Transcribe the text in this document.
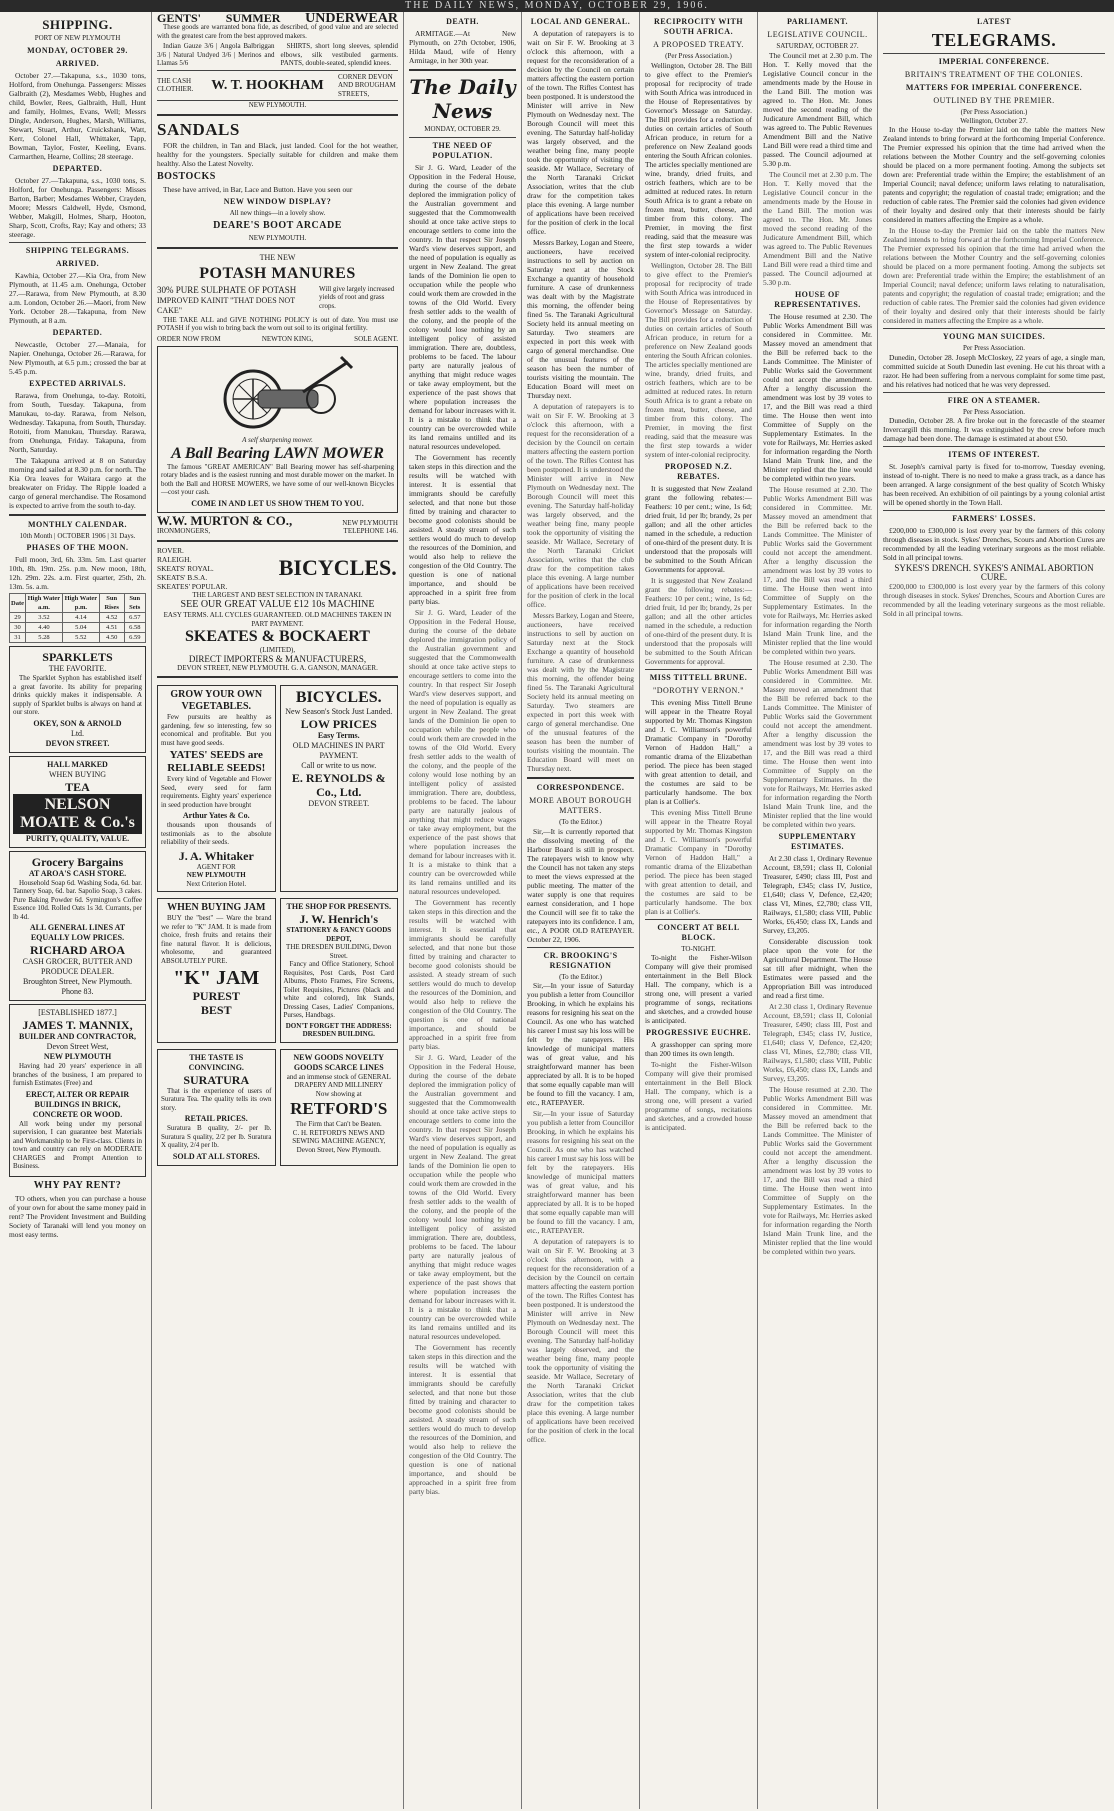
THE DAILY NEWS, MONDAY, OCTOBER 29, 1906.
SHIPPING.
PORT OF NEW PLYMOUTH
MONDAY, OCTOBER 29.
ARRIVED.

October 27.—Takapuna, s.s., 1030 tons, Holford, from Onehunga. Passengers: Misses Galbraith (2), Mesdames Webb, Hughes and child, Bowler, Rees, Galbraith, Hull, Hunt and family, Holmes, Evans, Well; Messrs Dingle, Anderson, Hughes, Marsh, Williams, Stewart, Stuart, Arthur, Cruickshank, Watt, Kerr, Colonel Hall, Whittaker, Tapp, Bowman, Taylor, Foster, Keeling, Evans. Carmarthen, Hearne, Collins; 28 steerage.

DEPARTED.

October 27.—Takapuna, s.s., 1030 tons, S. Holford, for Onehunga. Passengers: Misses Barton, Barber; Mesdames Webber, Crayden, Moore; Messrs Caldwell, Hyde, Osmond, Webber, Makgill, Holmes, Sharp, Hooton, Sharp, Scott, Crofts, Ray; Kay and others; 33 steerage.

SHIPPING TELEGRAMS.
ARRIVED.

Kawhia, October 27.—Kia Ora, from New Plymouth, at 11.45 a.m. Onehunga, October 27.—Rarawa, from New Plymouth, at 8.30 a.m. London, October 26.—Maori, from New York. October 28.—Takapuna, from New Plymouth, at 8 a.m.

DEPARTED.

Newcastle, October 27.—Manaia, for Napier. Onehunga, October 26.—Rarawa, for New Plymouth, at 6.5 p.m.; crossed the bar at 5.45 p.m.

EXPECTED ARRIVALS.

Rarawa, from Onehunga, to-day. Rotoiti, from South, Tuesday. Takapuna, from Manukau, to-day. Rarawa, from Nelson, Wednesday. Takapuna, from South, Thursday. Rotoiti, from Manukau, Thursday. Rarawa, from Onehunga, Friday. Takapuna, from North, Saturday.

The Takapuna arrived at 8 on Saturday morning and sailed at 8.30 p.m. for north. The Kia Ora leaves for Waitara cargo at the breakwater on Friday. The Ripple loaded a cargo of general merchandise. The Rosamond is expected to arrive from the south to-day.

MONTHLY CALENDAR.
10th Month | OCTOBER 1906 | 31 Days.
PHASES OF THE MOON.

Full moon, 3rd, 6h. 33m. 5m. Last quarter 10th, 8h. 19m. 25s. p.m. New moon, 18th, 12h. 29m. 22s. a.m. First quarter, 25th, 2h. 13m. 5s. a.m.

Date	High Water a.m.	High Water p.m.	Sun Rises	Sun Sets
29	3.52	4.14	4.52	6.57
30	4.40	5.04	4.51	6.58
31	5.28	5.52	4.50	6.59
SPARKLETS
THE FAVORITE.

The Sparklet Syphon has established itself a great favorite. Its ability for preparing drinks quickly makes it indispensable. A supply of Sparklet bulbs is always on hand at our store.

OKEY, SON & ARNOLD
Ltd.
DEVON STREET.
HALL MARKED
WHEN BUYING
TEA
NELSON MOATE & Co.'s
PURITY, QUALITY, VALUE.
Grocery Bargains
AT AROA'S CASH STORE.

Household Soap 6d. Washing Soda, 6d. bar. Tannery Soap, 6d. bar. Sapolio Soap, 3 cakes. Pure Baking Powder 6d. Symington's Coffee Essence 10d. Rolled Oats 1s 3d. Currants, per lb 4d.

ALL GENERAL LINES AT EQUALLY LOW PRICES.
RICHARD AROA
CASH GROCER, BUTTER AND PRODUCE DEALER.
Broughton Street, New Plymouth. Phone 83.
[ESTABLISHED 1877.]
JAMES T. MANNIX,
BUILDER AND CONTRACTOR,
Devon Street West,
NEW PLYMOUTH

Having had 20 years' experience in all branches of the business, I am prepared to furnish Estimates (Free) and

ERECT, ALTER OR REPAIR BUILDINGS IN BRICK, CONCRETE OR WOOD.

All work being under my personal supervision, I can guarantee best Materials and Workmanship to be First-class. Clients in town and country can rely on MODERATE CHARGES and Prompt Attention to Business.

WHY PAY RENT?

TO others, when you can purchase a house of your own for about the same money paid in rent? The Provident Investment and Building Society of Taranaki will lend you money on most easy terms.

GENTS' SUMMER UNDERWEAR

These goods are warranted bona fide, as described, of good value and are selected with the greatest care from the best approved makers.

Indian Gauze 3/6 | Angola Balbriggan 3/6 | Natural Undyed 3/6 | Merinos and Llamas 5/6

SHIRTS, short long sleeves, splendid elbows, silk vestibuled garments. PANTS, double-seated, splendid knees.

THE CASH CLOTHIER. W. T. HOOKHAM
CORNER DEVON AND BROUGHAM STREETS,
NEW PLYMOUTH.
SANDALS

FOR the children, in Tan and Black, just landed. Cool for the hot weather, healthy for the youngsters. Specially suitable for children and make them healthy. Also the Latest Novelty.

BOSTOCKS

These have arrived, in Bar, Lace and Button. Have you seen our

NEW WINDOW DISPLAY?
All new things—in a lovely show.
DEARE'S BOOT ARCADE
NEW PLYMOUTH.
THE NEW
POTASH MANURES
30% PURE SULPHATE OF POTASH
IMPROVED KAINIT "THAT DOES NOT CAKE"
Will give largely increased yields of root and grass crops.

THE TAKE ALL and GIVE NOTHING POLICY is out of date. You must use POTASH if you wish to bring back the worn out soil to its original fertility.

ORDER NOW FROM	NEWTON KING,	SOLE AGENT.
A self sharpening mower.
A Ball Bearing LAWN MOWER

The famous "GREAT AMERICAN" Ball Bearing mower has self-sharpening rotary blades and is the easiest running and most durable mower on the market. In both the Ball and HORSE MOWERS, we have some of our well-known Bicycles—cost your cash.

COME IN AND LET US SHOW THEM TO YOU.
W.W. MURTON & CO.,	NEW PLYMOUTH
IRONMONGERS,	TELEPHONE 146.
ROVER.
RALEIGH.
SKEATS' ROYAL.
SKEATS' B.S.A.
SKEATES' POPULAR.
BICYCLES.
THE LARGEST AND BEST SELECTION IN TARANAKI.
SEE OUR GREAT VALUE £12 10s MACHINE
EASY TERMS. ALL CYCLES GUARANTEED. OLD MACHINES TAKEN IN PART PAYMENT.
SKEATES & BOCKAERT
(LIMITED),
DIRECT IMPORTERS & MANUFACTURERS,
DEVON STREET, NEW PLYMOUTH. G. A. GANSON, MANAGER.
GROW YOUR OWN VEGETABLES.

Few pursuits are healthy as gardening, few so interesting, few so economical and profitable. But you must have good seeds.

YATES' SEEDS are RELIABLE SEEDS!

Every kind of Vegetable and Flower Seed, every seed for farm requirements. Eighty years' experience in seed production have brought

Arthur Yates & Co.

thousands upon thousands of testimonials as to the absolute reliability of their seeds.

J. A. Whitaker
AGENT FOR
NEW PLYMOUTH
Next Criterion Hotel.
BICYCLES.
New Season's Stock Just Landed.
LOW PRICES
Easy Terms.
OLD MACHINES IN PART PAYMENT.
Call or write to us now.
E. REYNOLDS & Co., Ltd.
DEVON STREET.
WHEN BUYING JAM

BUY the "best" — Ware the brand we refer to "K" JAM. It is made from choice, fresh fruits and retains their fine natural flavor. It is delicious, wholesome, and guaranteed ABSOLUTELY PURE.

"K" JAM
PUREST
BEST
THE SHOP FOR PRESENTS.
J. W. Henrich's
STATIONERY & FANCY GOODS DEPOT,
THE DRESDEN BUILDING, Devon Street.

Fancy and Office Stationery, School Requisites, Post Cards, Post Card Albums, Photo Frames, Fire Screens, Toilet Requisites, Pictures (black and white and colored), Ink Stands, Dressing Cases, Ladies' Companions, Purses, Handbags.

DON'T FORGET THE ADDRESS: DRESDEN BUILDING.
THE TASTE IS CONVINCING.
SURATURA

That is the experience of users of Suratura Tea. The quality tells its own story.

RETAIL PRICES.

Suratura B quality, 2/- per lb. Suratura S quality, 2/2 per lb. Suratura X quality, 2/4 per lb.

SOLD AT ALL STORES.
NEW GOODS NOVELTY GOODS SCARCE LINES
and an immense stock of GENERAL DRAPERY AND MILLINERY
Now showing at
RETFORD'S
The Firm that Can't be Beaten.
C. H. RETFORD'S NEWS AND SEWING MACHINE AGENCY, Devon Street, New Plymouth.
DEATH.

ARMITAGE.—At New Plymouth, on 27th October, 1906, Hilda Maud, wife of Henry Armitage, in her 30th year.

The Daily News
MONDAY, OCTOBER 29.
THE NEED OF POPULATION.

Sir J. G. Ward, Leader of the Opposition in the Federal House, during the course of the debate deplored the immigration policy of the Australian government and suggested that the Commonwealth should at once take active steps to encourage settlers to come into the country. In that respect Sir Joseph Ward's view deserves support, and the need of population is equally as urgent in New Zealand. The great lands of the Dominion lie open to occupation while the people who could work them are crowded in the towns of the Old World. Every fresh settler adds to the wealth of the colony, and the people of the colony would lose nothing by an intelligent policy of assisted immigration. There are, doubtless, problems to be faced. The labour party are naturally jealous of anything that might reduce wages or take away employment, but the experience of the past shows that where population increases the demand for labour increases with it. It is a mistake to think that a country can be overcrowded while its land remains untilled and its natural resources undeveloped.

The Government has recently taken steps in this direction and the results will be watched with interest. It is essential that immigrants should be carefully selected, and that none but those fitted by training and character to become good colonists should be assisted. A steady stream of such settlers would do much to develop the resources of the Dominion, and would also help to relieve the congestion of the Old Country. The question is one of national importance, and should be approached in a spirit free from party bias.

Sir J. G. Ward, Leader of the Opposition in the Federal House, during the course of the debate deplored the immigration policy of the Australian government and suggested that the Commonwealth should at once take active steps to encourage settlers to come into the country. In that respect Sir Joseph Ward's view deserves support, and the need of population is equally as urgent in New Zealand. The great lands of the Dominion lie open to occupation while the people who could work them are crowded in the towns of the Old World. Every fresh settler adds to the wealth of the colony, and the people of the colony would lose nothing by an intelligent policy of assisted immigration. There are, doubtless, problems to be faced. The labour party are naturally jealous of anything that might reduce wages or take away employment, but the experience of the past shows that where population increases the demand for labour increases with it. It is a mistake to think that a country can be overcrowded while its land remains untilled and its natural resources undeveloped.

The Government has recently taken steps in this direction and the results will be watched with interest. It is essential that immigrants should be carefully selected, and that none but those fitted by training and character to become good colonists should be assisted. A steady stream of such settlers would do much to develop the resources of the Dominion, and would also help to relieve the congestion of the Old Country. The question is one of national importance, and should be approached in a spirit free from party bias.

Sir J. G. Ward, Leader of the Opposition in the Federal House, during the course of the debate deplored the immigration policy of the Australian government and suggested that the Commonwealth should at once take active steps to encourage settlers to come into the country. In that respect Sir Joseph Ward's view deserves support, and the need of population is equally as urgent in New Zealand. The great lands of the Dominion lie open to occupation while the people who could work them are crowded in the towns of the Old World. Every fresh settler adds to the wealth of the colony, and the people of the colony would lose nothing by an intelligent policy of assisted immigration. There are, doubtless, problems to be faced. The labour party are naturally jealous of anything that might reduce wages or take away employment, but the experience of the past shows that where population increases the demand for labour increases with it. It is a mistake to think that a country can be overcrowded while its land remains untilled and its natural resources undeveloped.

The Government has recently taken steps in this direction and the results will be watched with interest. It is essential that immigrants should be carefully selected, and that none but those fitted by training and character to become good colonists should be assisted. A steady stream of such settlers would do much to develop the resources of the Dominion, and would also help to relieve the congestion of the Old Country. The question is one of national importance, and should be approached in a spirit free from party bias.

LOCAL AND GENERAL.

A deputation of ratepayers is to wait on Sir F. W. Brooking at 3 o'clock this afternoon, with a request for the reconsideration of a decision by the Council on certain matters affecting the eastern portion of the town. The Rifles Contest has been postponed. It is understood the Minister will arrive in New Plymouth on Wednesday next. The Borough Council will meet this evening. The Saturday half-holiday was largely observed, and the weather being fine, many people took the opportunity of visiting the seaside. Mr Wallace, Secretary of the North Taranaki Cricket Association, writes that the club draw for the competition takes place this evening. A large number of applications have been received for the position of clerk in the local office.

Messrs Barkey, Logan and Steere, auctioneers, have received instructions to sell by auction on Saturday next at the Stock Exchange a quantity of household furniture. A case of drunkenness was dealt with by the Magistrate this morning, the offender being fined 5s. The Taranaki Agricultural Society held its annual meeting on Saturday. Two steamers are expected in port this week with cargo of general merchandise. One of the unusual features of the season has been the number of tourists visiting the mountain. The Education Board will meet on Thursday next.

A deputation of ratepayers is to wait on Sir F. W. Brooking at 3 o'clock this afternoon, with a request for the reconsideration of a decision by the Council on certain matters affecting the eastern portion of the town. The Rifles Contest has been postponed. It is understood the Minister will arrive in New Plymouth on Wednesday next. The Borough Council will meet this evening. The Saturday half-holiday was largely observed, and the weather being fine, many people took the opportunity of visiting the seaside. Mr Wallace, Secretary of the North Taranaki Cricket Association, writes that the club draw for the competition takes place this evening. A large number of applications have been received for the position of clerk in the local office.

Messrs Barkey, Logan and Steere, auctioneers, have received instructions to sell by auction on Saturday next at the Stock Exchange a quantity of household furniture. A case of drunkenness was dealt with by the Magistrate this morning, the offender being fined 5s. The Taranaki Agricultural Society held its annual meeting on Saturday. Two steamers are expected in port this week with cargo of general merchandise. One of the unusual features of the season has been the number of tourists visiting the mountain. The Education Board will meet on Thursday next.

CORRESPONDENCE.
MORE ABOUT BOROUGH MATTERS.
(To the Editor.)

Sir,—It is currently reported that the dissolving meeting of the Harbour Board is still in prospect. The ratepayers wish to know why the Council has not taken any steps to meet the views expressed at the public meeting. The matter of the water supply is one that requires earnest consideration, and I hope the Council will see fit to take the ratepayers into its confidence. I am, etc., A POOR OLD RATEPAYER. October 22, 1906.

CR. BROOKING'S RESIGNATION
(To the Editor.)

Sir,—In your issue of Saturday you publish a letter from Councillor Brooking, in which he explains his reasons for resigning his seat on the Council. As one who has watched his career I must say his loss will be felt by the ratepayers. His knowledge of municipal matters was of great value, and his straightforward manner has been appreciated by all. It is to be hoped that some equally capable man will be found to fill the vacancy. I am, etc., RATEPAYER.

Sir,—In your issue of Saturday you publish a letter from Councillor Brooking, in which he explains his reasons for resigning his seat on the Council. As one who has watched his career I must say his loss will be felt by the ratepayers. His knowledge of municipal matters was of great value, and his straightforward manner has been appreciated by all. It is to be hoped that some equally capable man will be found to fill the vacancy. I am, etc., RATEPAYER.

A deputation of ratepayers is to wait on Sir F. W. Brooking at 3 o'clock this afternoon, with a request for the reconsideration of a decision by the Council on certain matters affecting the eastern portion of the town. The Rifles Contest has been postponed. It is understood the Minister will arrive in New Plymouth on Wednesday next. The Borough Council will meet this evening. The Saturday half-holiday was largely observed, and the weather being fine, many people took the opportunity of visiting the seaside. Mr Wallace, Secretary of the North Taranaki Cricket Association, writes that the club draw for the competition takes place this evening. A large number of applications have been received for the position of clerk in the local office.

RECIPROCITY WITH SOUTH AFRICA.
A PROPOSED TREATY.
(Per Press Association.)

Wellington, October 28. The Bill to give effect to the Premier's proposal for reciprocity of trade with South Africa was introduced in the House of Representatives by Governor's Message on Saturday. The Bill provides for a reduction of duties on certain articles of South African produce, in return for a preference on New Zealand goods entering the South African colonies. The articles specially mentioned are wine, brandy, dried fruits, and ostrich feathers, which are to be admitted at reduced rates. In return South Africa is to grant a rebate on frozen meat, butter, cheese, and timber from this colony. The Premier, in moving the first reading, said that the measure was the first step towards a wider system of inter-colonial reciprocity.

Wellington, October 28. The Bill to give effect to the Premier's proposal for reciprocity of trade with South Africa was introduced in the House of Representatives by Governor's Message on Saturday. The Bill provides for a reduction of duties on certain articles of South African produce, in return for a preference on New Zealand goods entering the South African colonies. The articles specially mentioned are wine, brandy, dried fruits, and ostrich feathers, which are to be admitted at reduced rates. In return South Africa is to grant a rebate on frozen meat, butter, cheese, and timber from this colony. The Premier, in moving the first reading, said that the measure was the first step towards a wider system of inter-colonial reciprocity.

PROPOSED N.Z. REBATES.

It is suggested that New Zealand grant the following rebates:—Feathers: 10 per cent.; wine, 1s 6d; dried fruit, 1d per lb; brandy, 2s per gallon; and all the other articles named in the schedule, a reduction of one-third of the present duty. It is understood that the proposals will be submitted to the South African Governments for approval.

It is suggested that New Zealand grant the following rebates:—Feathers: 10 per cent.; wine, 1s 6d; dried fruit, 1d per lb; brandy, 2s per gallon; and all the other articles named in the schedule, a reduction of one-third of the present duty. It is understood that the proposals will be submitted to the South African Governments for approval.

MISS TITTELL BRUNE.
"DOROTHY VERNON."

This evening Miss Tittell Brune will appear in the Theatre Royal supported by Mr. Thomas Kingston and J. C. Williamson's powerful Dramatic Company in "Dorothy Vernon of Haddon Hall," a romantic drama of the Elizabethan period. The piece has been staged with great attention to detail, and the costumes are said to be particularly handsome. The box plan is at Collier's.

This evening Miss Tittell Brune will appear in the Theatre Royal supported by Mr. Thomas Kingston and J. C. Williamson's powerful Dramatic Company in "Dorothy Vernon of Haddon Hall," a romantic drama of the Elizabethan period. The piece has been staged with great attention to detail, and the costumes are said to be particularly handsome. The box plan is at Collier's.

CONCERT AT BELL BLOCK.
TO-NIGHT.

To-night the Fisher-Wilson Company will give their promised entertainment in the Bell Block Hall. The company, which is a strong one, will present a varied programme of songs, recitations and sketches, and a crowded house is anticipated.

PROGRESSIVE EUCHRE.

A grasshopper can spring more than 200 times its own length.

To-night the Fisher-Wilson Company will give their promised entertainment in the Bell Block Hall. The company, which is a strong one, will present a varied programme of songs, recitations and sketches, and a crowded house is anticipated.

PARLIAMENT.
LEGISLATIVE COUNCIL.
SATURDAY, OCTOBER 27.

The Council met at 2.30 p.m. The Hon. T. Kelly moved that the Legislative Council concur in the amendments made by the House in the Land Bill. The motion was agreed to. The Hon. Mr. Jones moved the second reading of the Judicature Amendment Bill, which was agreed to. The Public Revenues Amendment Bill and the Native Land Bill were read a third time and passed. The Council adjourned at 5.30 p.m.

The Council met at 2.30 p.m. The Hon. T. Kelly moved that the Legislative Council concur in the amendments made by the House in the Land Bill. The motion was agreed to. The Hon. Mr. Jones moved the second reading of the Judicature Amendment Bill, which was agreed to. The Public Revenues Amendment Bill and the Native Land Bill were read a third time and passed. The Council adjourned at 5.30 p.m.

HOUSE OF REPRESENTATIVES.

The House resumed at 2.30. The Public Works Amendment Bill was considered in Committee. Mr. Massey moved an amendment that the Bill be referred back to the Lands Committee. The Minister of Public Works said the Government could not accept the amendment. After a lengthy discussion the amendment was lost by 39 votes to 17, and the Bill was read a third time. The House then went into Committee of Supply on the Supplementary Estimates. In the vote for Railways, Mr. Herries asked for information regarding the North Island Main Trunk line, and the Minister replied that the line would be completed within two years.

The House resumed at 2.30. The Public Works Amendment Bill was considered in Committee. Mr. Massey moved an amendment that the Bill be referred back to the Lands Committee. The Minister of Public Works said the Government could not accept the amendment. After a lengthy discussion the amendment was lost by 39 votes to 17, and the Bill was read a third time. The House then went into Committee of Supply on the Supplementary Estimates. In the vote for Railways, Mr. Herries asked for information regarding the North Island Main Trunk line, and the Minister replied that the line would be completed within two years.

The House resumed at 2.30. The Public Works Amendment Bill was considered in Committee. Mr. Massey moved an amendment that the Bill be referred back to the Lands Committee. The Minister of Public Works said the Government could not accept the amendment. After a lengthy discussion the amendment was lost by 39 votes to 17, and the Bill was read a third time. The House then went into Committee of Supply on the Supplementary Estimates. In the vote for Railways, Mr. Herries asked for information regarding the North Island Main Trunk line, and the Minister replied that the line would be completed within two years.

SUPPLEMENTARY ESTIMATES.

At 2.30 class 1, Ordinary Revenue Account, £8,591; class II, Colonial Treasurer, £490; class III, Post and Telegraph, £345; class IV, Justice, £1,640; class V, Defence, £2,420; class VI, Mines, £2,780; class VII, Railways, £1,580; class VIII, Public Works, £6,450; class IX, Lands and Survey, £3,205.

Considerable discussion took place upon the vote for the Agricultural Department. The House sat till after midnight, when the Estimates were passed and the Appropriation Bill was introduced and read a first time.

At 2.30 class 1, Ordinary Revenue Account, £8,591; class II, Colonial Treasurer, £490; class III, Post and Telegraph, £345; class IV, Justice, £1,640; class V, Defence, £2,420; class VI, Mines, £2,780; class VII, Railways, £1,580; class VIII, Public Works, £6,450; class IX, Lands and Survey, £3,205.

The House resumed at 2.30. The Public Works Amendment Bill was considered in Committee. Mr. Massey moved an amendment that the Bill be referred back to the Lands Committee. The Minister of Public Works said the Government could not accept the amendment. After a lengthy discussion the amendment was lost by 39 votes to 17, and the Bill was read a third time. The House then went into Committee of Supply on the Supplementary Estimates. In the vote for Railways, Mr. Herries asked for information regarding the North Island Main Trunk line, and the Minister replied that the line would be completed within two years.

LATEST
TELEGRAMS.
IMPERIAL CONFERENCE.
BRITAIN'S TREATMENT OF THE COLONIES.
MATTERS FOR IMPERIAL CONFERENCE.
OUTLINED BY THE PREMIER.
(Per Press Association.)
Wellington, October 27.

In the House to-day the Premier laid on the table the matters New Zealand intends to bring forward at the forthcoming Imperial Conference. The Premier expressed his opinion that the time had arrived when the relations between the Mother Country and the self-governing colonies should be placed on a more permanent footing. Among the subjects set down are: Preferential trade within the Empire; the establishment of an Imperial Council; naval defence; uniform laws relating to naturalisation, patents and copyright; the regulation of coastal trade; emigration; and the reduction of cable rates. The Premier said the colonies had given evidence of their loyalty and desired only that their interests should be fairly considered in matters affecting the Empire as a whole.

In the House to-day the Premier laid on the table the matters New Zealand intends to bring forward at the forthcoming Imperial Conference. The Premier expressed his opinion that the time had arrived when the relations between the Mother Country and the self-governing colonies should be placed on a more permanent footing. Among the subjects set down are: Preferential trade within the Empire; the establishment of an Imperial Council; naval defence; uniform laws relating to naturalisation, patents and copyright; the regulation of coastal trade; emigration; and the reduction of cable rates. The Premier said the colonies had given evidence of their loyalty and desired only that their interests should be fairly considered in matters affecting the Empire as a whole.

YOUNG MAN SUICIDES.
Per Press Association.

Dunedin, October 28. Joseph McCloskey, 22 years of age, a single man, committed suicide at South Dunedin last evening. He cut his throat with a razor. He had been suffering from a nervous complaint for some time past, and his relatives had noticed that he was very depressed.

FIRE ON A STEAMER.
Per Press Association.

Dunedin, October 28. A fire broke out in the forecastle of the steamer Invercargill this morning. It was extinguished by the crew before much damage had been done. The damage is estimated at about £50.

ITEMS OF INTEREST.

St. Joseph's carnival party is fixed for to-morrow, Tuesday evening, instead of to-night. There is no need to make a grass track, as a dance has been arranged. A large consignment of the best quality of Scotch Whisky has been received. An exhibition of oil paintings by a young colonial artist will be opened shortly in the Town Hall.

FARMERS' LOSSES.

£200,000 to £300,000 is lost every year by the farmers of this colony through diseases in stock. Sykes' Drenches, Scours and Abortion Cures are recommended by all the leading veterinary surgeons as the most reliable. Sold in all principal towns.

SYKES'S DRENCH. SYKES'S ANIMAL ABORTION CURE.

£200,000 to £300,000 is lost every year by the farmers of this colony through diseases in stock. Sykes' Drenches, Scours and Abortion Cures are recommended by all the leading veterinary surgeons as the most reliable. Sold in all principal towns.
